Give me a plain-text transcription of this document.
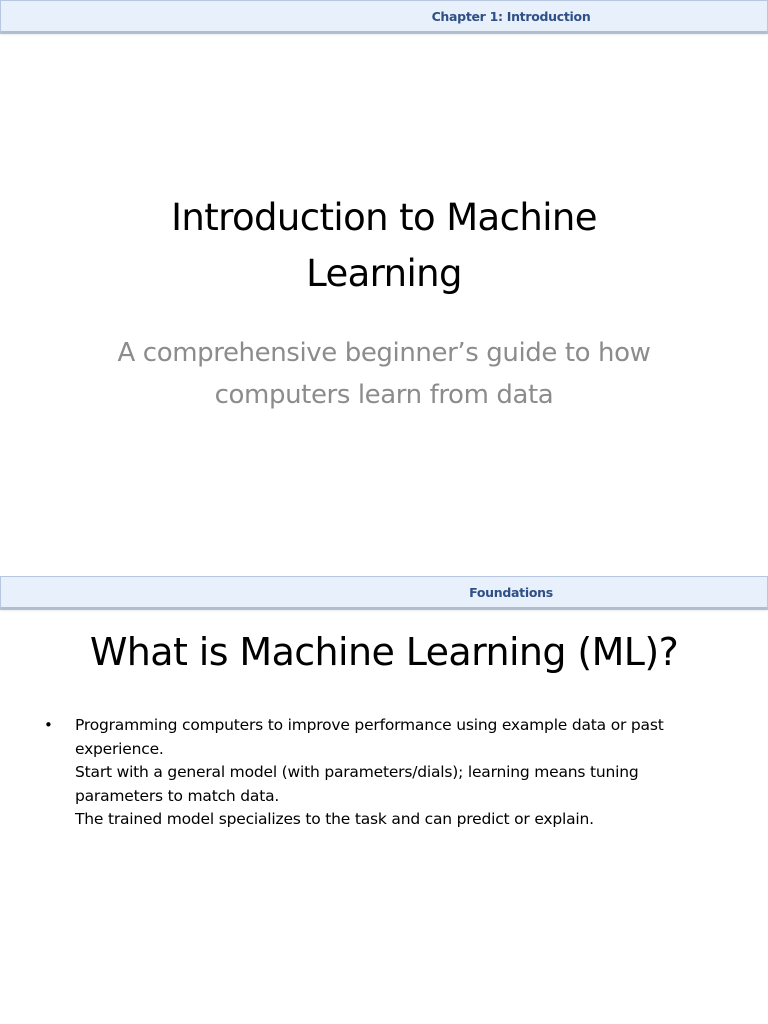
Chapter 1: Introduction
Introduction to Machine Learning
A comprehensive beginner’s guide to how computers learn from data
Foundations
What is Machine Learning (ML)?
• Programming computers to improve performance using example data or past experience.
Start with a general model (with parameters/dials); learning means tuning parameters to match data.
The trained model specializes to the task and can predict or explain.
